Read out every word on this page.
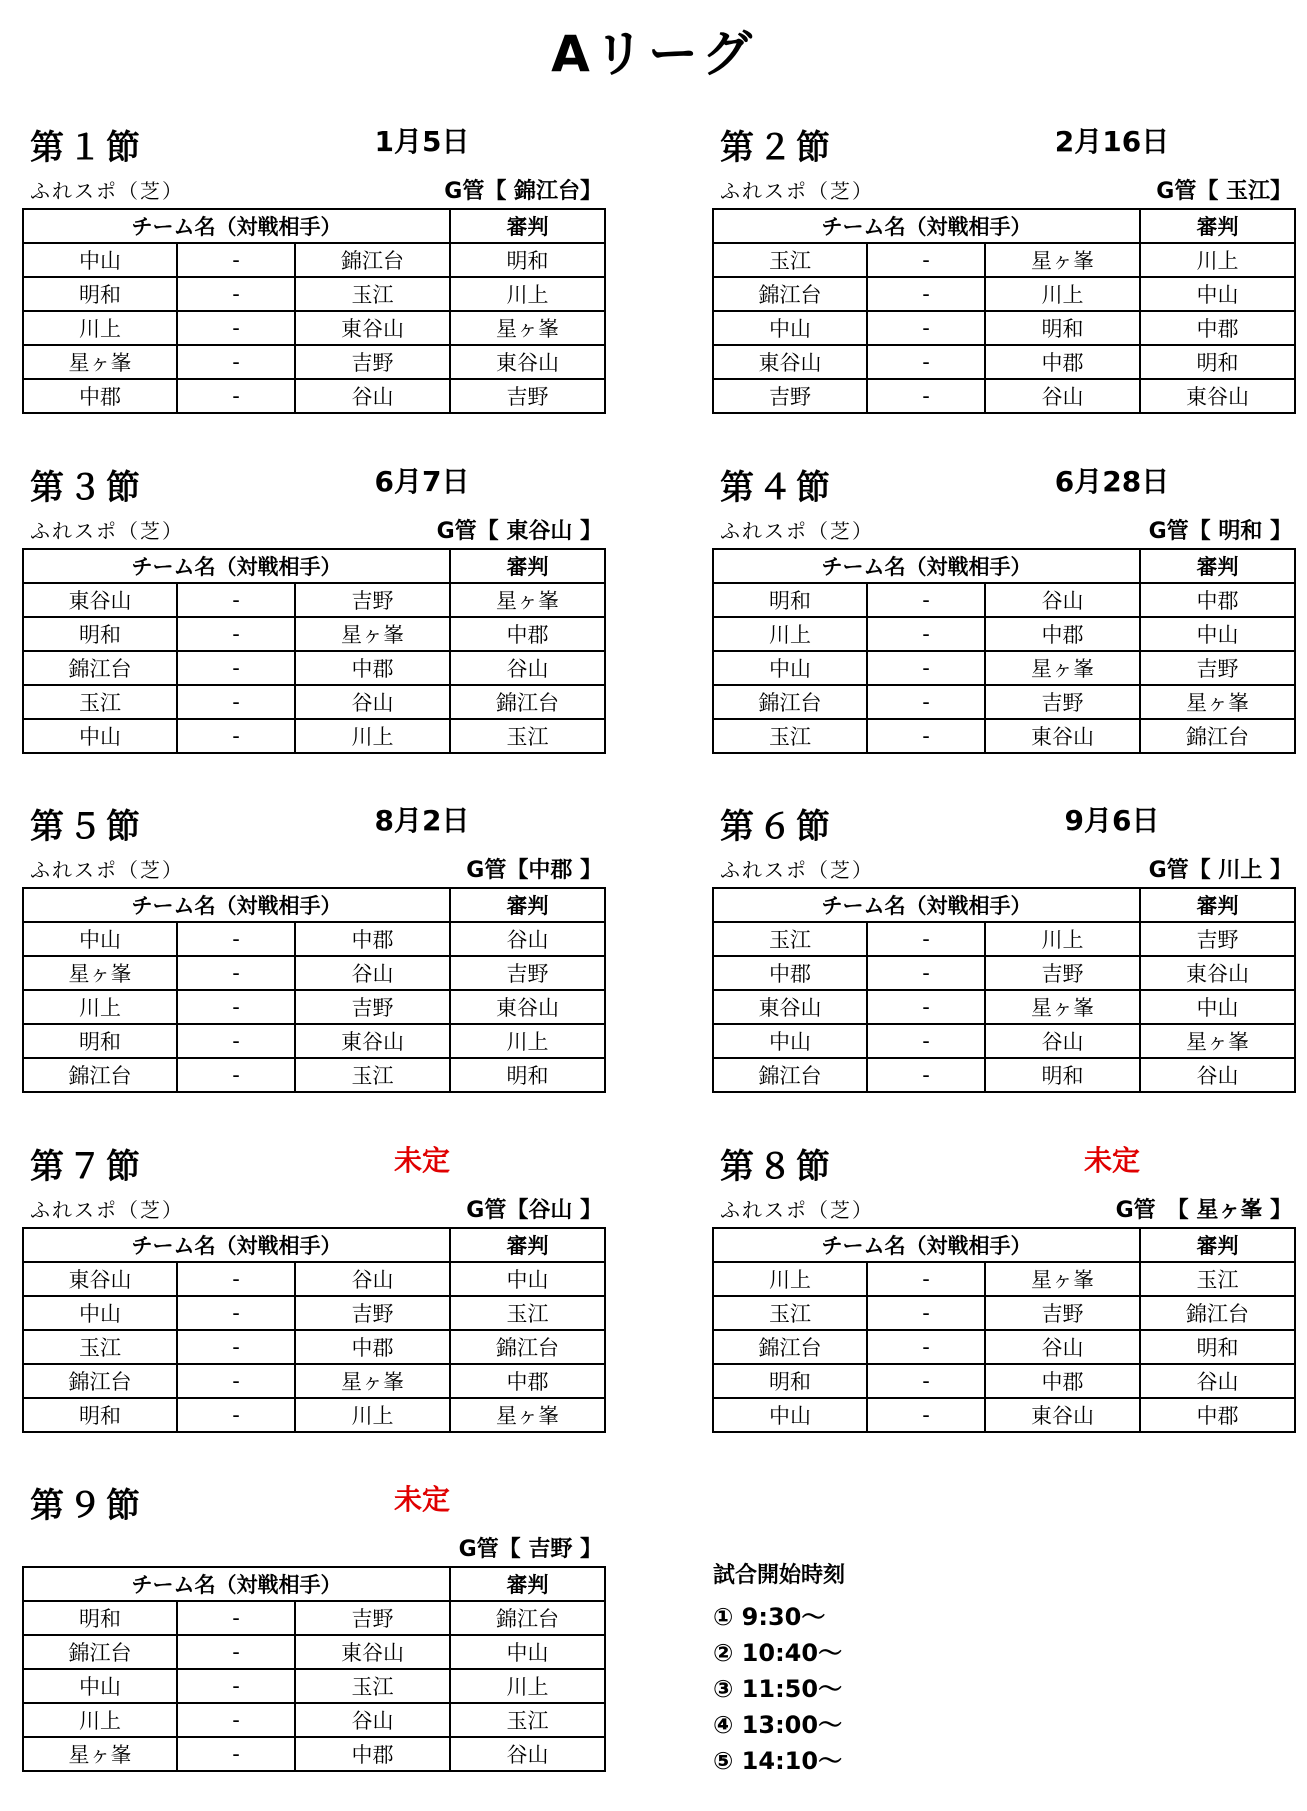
Aリーグ
第１節	1月5日
ふれスポ（芝）	G管【 錦江台】
チーム名（対戦相手）			審判
中山	-	錦江台	明和
明和	-	玉江	川上
川上	-	東谷山	星ヶ峯
星ヶ峯	-	吉野	東谷山
中郡	-	谷山	吉野
第２節	2月16日
ふれスポ（芝）	G管【 玉江】
チーム名（対戦相手）			審判
玉江	-	星ヶ峯	川上
錦江台	-	川上	中山
中山	-	明和	中郡
東谷山	-	中郡	明和
吉野	-	谷山	東谷山
第３節	6月7日
ふれスポ（芝）	G管【 東谷山 】
チーム名（対戦相手）			審判
東谷山	-	吉野	星ヶ峯
明和	-	星ヶ峯	中郡
錦江台	-	中郡	谷山
玉江	-	谷山	錦江台
中山	-	川上	玉江
第４節	6月28日
ふれスポ（芝）	G管【 明和 】
チーム名（対戦相手）			審判
明和	-	谷山	中郡
川上	-	中郡	中山
中山	-	星ヶ峯	吉野
錦江台	-	吉野	星ヶ峯
玉江	-	東谷山	錦江台
第５節	8月2日
ふれスポ（芝）	G管【中郡 】
チーム名（対戦相手）			審判
中山	-	中郡	谷山
星ヶ峯	-	谷山	吉野
川上	-	吉野	東谷山
明和	-	東谷山	川上
錦江台	-	玉江	明和
第６節	9月6日
ふれスポ（芝）	G管【 川上 】
チーム名（対戦相手）			審判
玉江	-	川上	吉野
中郡	-	吉野	東谷山
東谷山	-	星ヶ峯	中山
中山	-	谷山	星ヶ峯
錦江台	-	明和	谷山
第７節	未定
ふれスポ（芝）	G管【谷山 】
チーム名（対戦相手）			審判
東谷山	-	谷山	中山
中山	-	吉野	玉江
玉江	-	中郡	錦江台
錦江台	-	星ヶ峯	中郡
明和	-	川上	星ヶ峯
第８節	未定
ふれスポ（芝）	G管　【 星ヶ峯 】
チーム名（対戦相手）			審判
川上	-	星ヶ峯	玉江
玉江	-	吉野	錦江台
錦江台	-	谷山	明和
明和	-	中郡	谷山
中山	-	東谷山	中郡
第９節	未定
G管【 吉野 】
チーム名（対戦相手）			審判
明和	-	吉野	錦江台
錦江台	-	東谷山	中山
中山	-	玉江	川上
川上	-	谷山	玉江
星ヶ峯	-	中郡	谷山
試合開始時刻
① 9:30～
② 10:40～
③ 11:50～
④ 13:00～
⑤ 14:10～
